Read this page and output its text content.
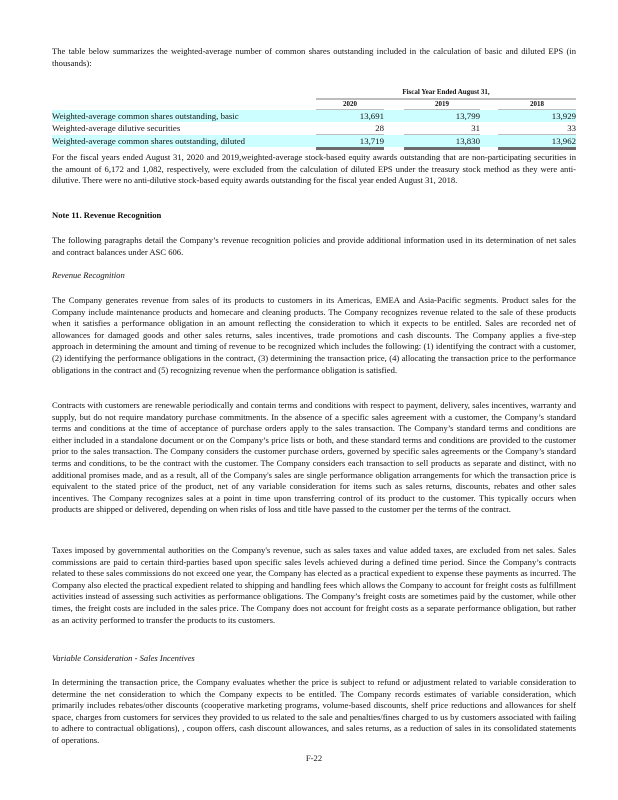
The table below summarizes the weighted-average number of common shares outstanding included in the calculation of basic and diluted EPS (in thousands):

Fiscal Year Ended August 31,
2020	2019	2018
Weighted-average common shares outstanding, basic	13,691	13,799	13,929
Weighted-average dilutive securities	28	31	33
Weighted-average common shares outstanding, diluted	13,719	13,830	13,962

For the fiscal years ended August 31, 2020 and 2019,weighted-average stock-based equity awards outstanding that are non-participating securities in the amount of 6,172 and 1,082, respectively, were excluded from the calculation of diluted EPS under the treasury stock method as they were anti-dilutive. There were no anti-dilutive stock-based equity awards outstanding for the fiscal year ended August 31, 2018.

Note 11. Revenue Recognition

The following paragraphs detail the Company’s revenue recognition policies and provide additional information used in its determination of net sales and contract balances under ASC 606.

Revenue Recognition

The Company generates revenue from sales of its products to customers in its Americas, EMEA and Asia-Pacific segments. Product sales for the Company include maintenance products and homecare and cleaning products. The Company recognizes revenue related to the sale of these products when it satisfies a performance obligation in an amount reflecting the consideration to which it expects to be entitled. Sales are recorded net of allowances for damaged goods and other sales returns, sales incentives, trade promotions and cash discounts. The Company applies a five-step approach in determining the amount and timing of revenue to be recognized which includes the following: (1) identifying the contract with a customer, (2) identifying the performance obligations in the contract, (3) determining the transaction price, (4) allocating the transaction price to the performance obligations in the contract and (5) recognizing revenue when the performance obligation is satisfied.

Contracts with customers are renewable periodically and contain terms and conditions with respect to payment, delivery, sales incentives, warranty and supply, but do not require mandatory purchase commitments. In the absence of a specific sales agreement with a customer, the Company’s standard terms and conditions at the time of acceptance of purchase orders apply to the sales transaction. The Company’s standard terms and conditions are either included in a standalone document or on the Company’s price lists or both, and these standard terms and conditions are provided to the customer prior to the sales transaction. The Company considers the customer purchase orders, governed by specific sales agreements or the Company’s standard terms and conditions, to be the contract with the customer. The Company considers each transaction to sell products as separate and distinct, with no additional promises made, and as a result, all of the Company's sales are single performance obligation arrangements for which the transaction price is equivalent to the stated price of the product, net of any variable consideration for items such as sales returns, discounts, rebates and other sales incentives. The Company recognizes sales at a point in time upon transferring control of its product to the customer. This typically occurs when products are shipped or delivered, depending on when risks of loss and title have passed to the customer per the terms of the contract.

Taxes imposed by governmental authorities on the Company's revenue, such as sales taxes and value added taxes, are excluded from net sales. Sales commissions are paid to certain third-parties based upon specific sales levels achieved during a defined time period. Since the Company’s contracts related to these sales commissions do not exceed one year, the Company has elected as a practical expedient to expense these payments as incurred. The Company also elected the practical expedient related to shipping and handling fees which allows the Company to account for freight costs as fulfillment activities instead of assessing such activities as performance obligations. The Company’s freight costs are sometimes paid by the customer, while other times, the freight costs are included in the sales price. The Company does not account for freight costs as a separate performance obligation, but rather as an activity performed to transfer the products to its customers.

Variable Consideration - Sales Incentives

In determining the transaction price, the Company evaluates whether the price is subject to refund or adjustment related to variable consideration to determine the net consideration to which the Company expects to be entitled. The Company records estimates of variable consideration, which primarily includes rebates/other discounts (cooperative marketing programs, volume-based discounts, shelf price reductions and allowances for shelf space, charges from customers for services they provided to us related to the sale and penalties/fines charged to us by customers associated with failing to adhere to contractual obligations), , coupon offers, cash discount allowances, and sales returns, as a reduction of sales in its consolidated statements of operations.

F-22
